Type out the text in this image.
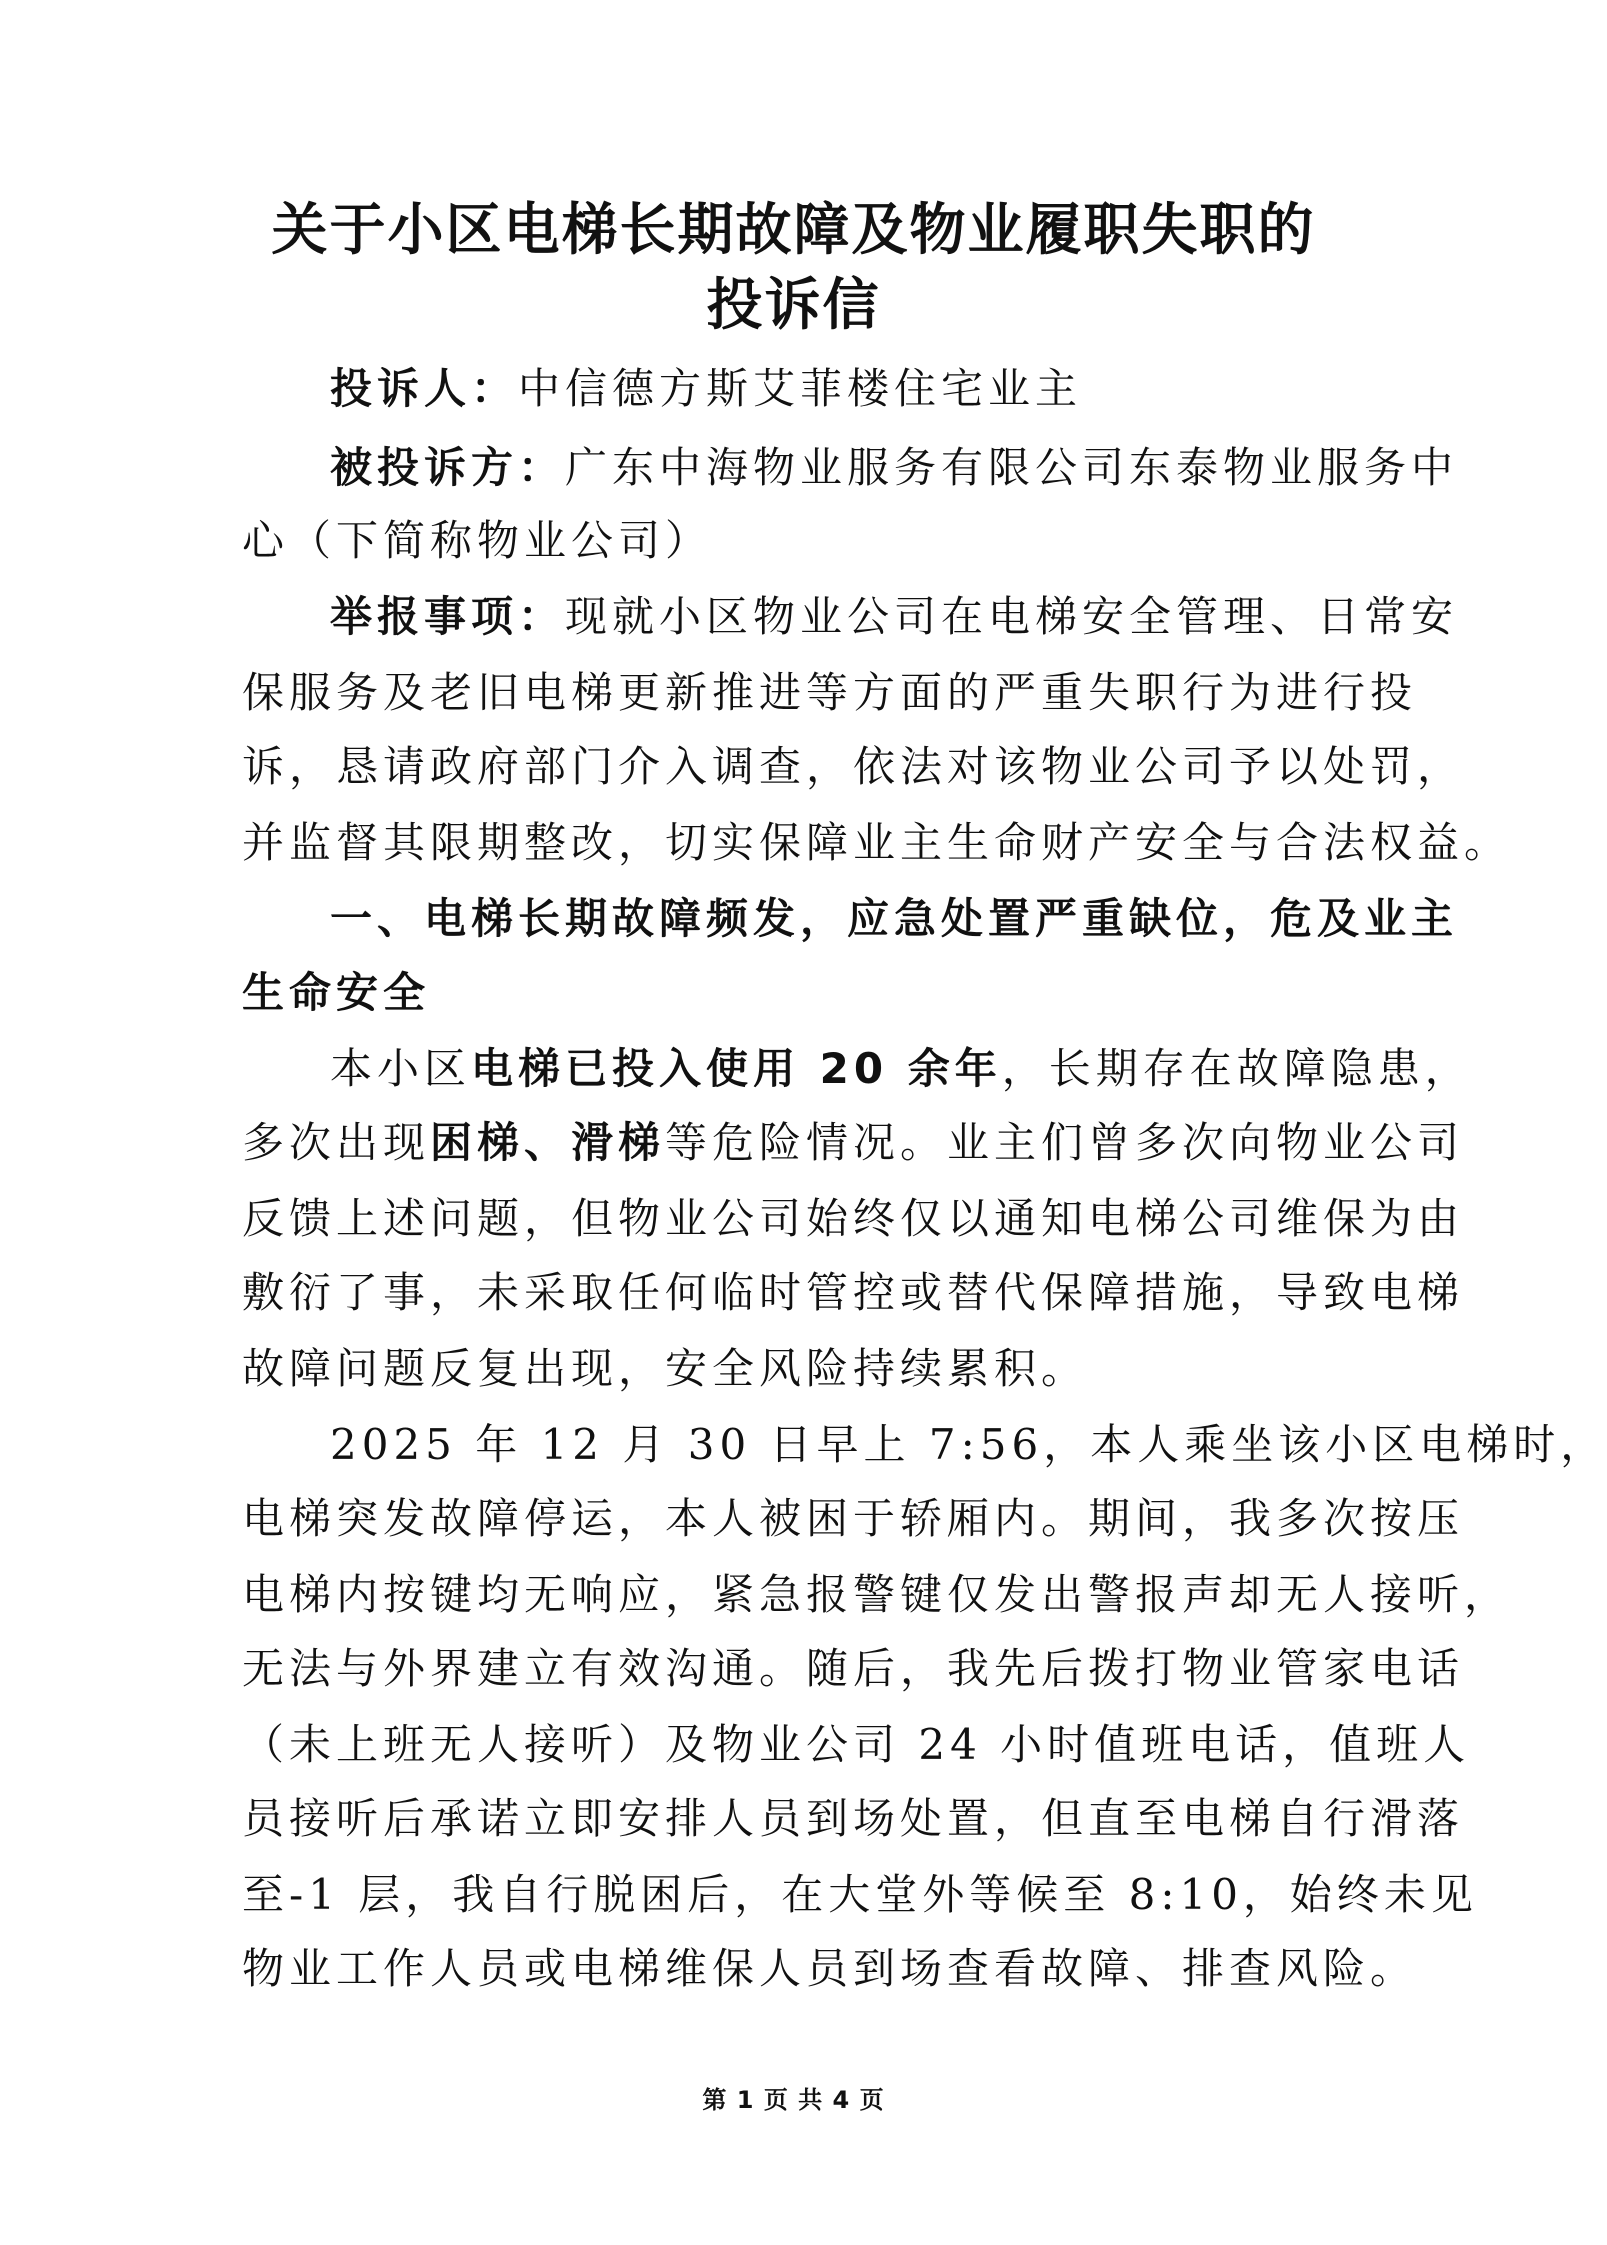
关于小区电梯长期故障及物业履职失职的
投诉信

投诉人：中信德方斯艾菲楼住宅业主

被投诉方：广东中海物业服务有限公司东泰物业服务中

心（下简称物业公司）

举报事项：现就小区物业公司在电梯安全管理、日常安

保服务及老旧电梯更新推进等方面的严重失职行为进行投

诉，恳请政府部门介入调查，依法对该物业公司予以处罚，

并监督其限期整改，切实保障业主生命财产安全与合法权益。

一、电梯长期故障频发，应急处置严重缺位，危及业主

生命安全

本小区电梯已投入使用 20 余年，长期存在故障隐患，

多次出现困梯、滑梯等危险情况。业主们曾多次向物业公司

反馈上述问题，但物业公司始终仅以通知电梯公司维保为由

敷衍了事，未采取任何临时管控或替代保障措施，导致电梯

故障问题反复出现，安全风险持续累积。

2025 年 12 月 30 日早上 7:56，本人乘坐该小区电梯时，

电梯突发故障停运，本人被困于轿厢内。期间，我多次按压

电梯内按键均无响应，紧急报警键仅发出警报声却无人接听，

无法与外界建立有效沟通。随后，我先后拨打物业管家电话

（未上班无人接听）及物业公司 24 小时值班电话，值班人

员接听后承诺立即安排人员到场处置，但直至电梯自行滑落

至-1 层，我自行脱困后，在大堂外等候至 8:10，始终未见

物业工作人员或电梯维保人员到场查看故障、排查风险。

第 1 页 共 4 页
